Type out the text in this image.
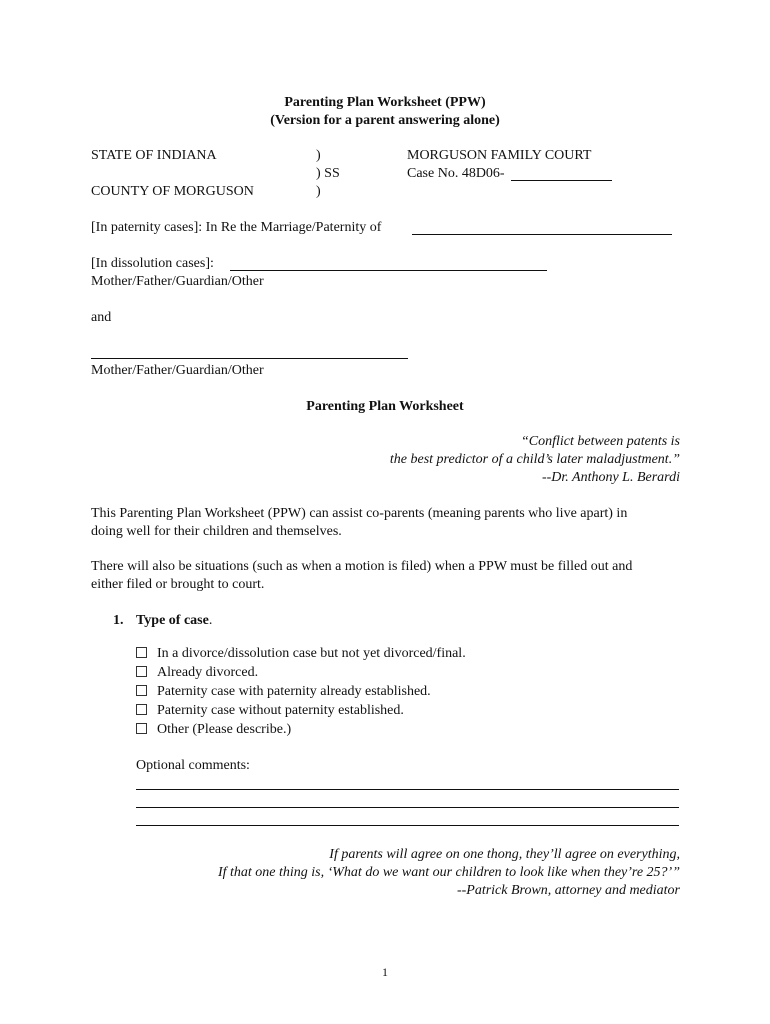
Parenting Plan Worksheet (PPW)
(Version for a parent answering alone)
STATE OF INDIANA
COUNTY OF MORGUSON
)
) SS
)
MORGUSON FAMILY COURT
Case No. 48D06-
[In paternity cases]: In Re the Marriage/Paternity of
[In dissolution cases]:
Mother/Father/Guardian/Other
and
Mother/Father/Guardian/Other
Parenting Plan Worksheet
“Conflict between patents is
the best predictor of a child’s later maladjustment.”
--Dr. Anthony L. Berardi
This Parenting Plan Worksheet (PPW) can assist co-parents (meaning parents who live apart) in
doing well for their children and themselves.
There will also be situations (such as when a motion is filed) when a PPW must be filled out and
either filed or brought to court.
1. Type of case.
In a divorce/dissolution case but not yet divorced/final.
Already divorced.
Paternity case with paternity already established.
Paternity case without paternity established.
Other (Please describe.)
Optional comments:
If parents will agree on one thong, they’ll agree on everything,
If that one thing is, ‘What do we want our children to look like when they’re 25?’”
--Patrick Brown, attorney and mediator
1
